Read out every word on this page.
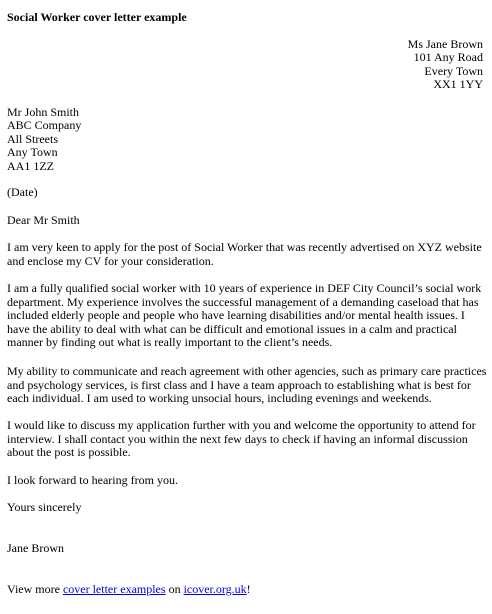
Social Worker cover letter example
Ms Jane Brown
101 Any Road
Every Town
XX1 1YY
Mr John Smith
ABC Company
All Streets
Any Town
AA1 1ZZ

(Date)

Dear Mr Smith

I am very keen to apply for the post of Social Worker that was recently advertised on XYZ website
and enclose my CV for your consideration.
I am a fully qualified social worker with 10 years of experience in DEF City Council’s social work
department. My experience involves the successful management of a demanding caseload that has
included elderly people and people who have learning disabilities and/or mental health issues. I
have the ability to deal with what can be difficult and emotional issues in a calm and practical
manner by finding out what is really important to the client’s needs.
My ability to communicate and reach agreement with other agencies, such as primary care practices
and psychology services, is first class and I have a team approach to establishing what is best for
each individual. I am used to working unsocial hours, including evenings and weekends.
I would like to discuss my application further with you and welcome the opportunity to attend for
interview. I shall contact you within the next few days to check if having an informal discussion
about the post is possible.
I look forward to hearing from you.

Yours sincerely

Jane Brown

View more cover letter examples on icover.org.uk!
